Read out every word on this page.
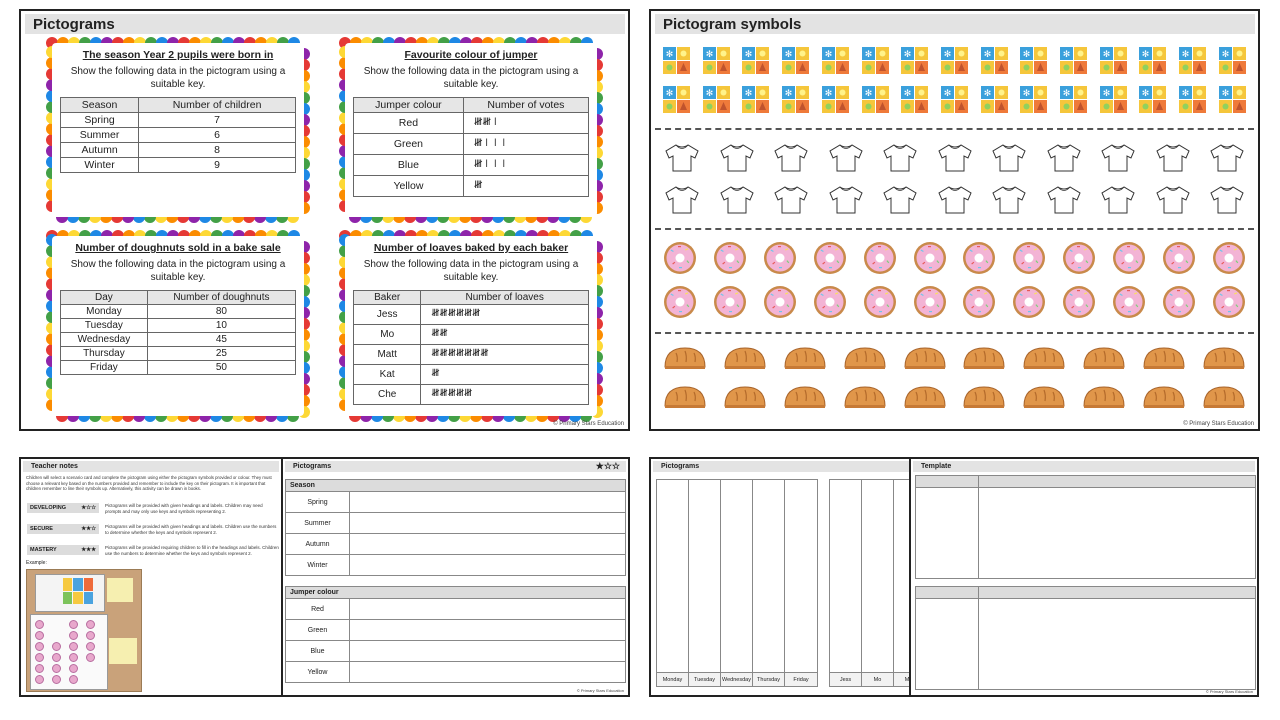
Pictograms
The season Year 2 pupils were born in
Show the following data in the pictogram using a suitable key.
Season	Number of children
Spring	7
Summer	6
Autumn	8
Winter	9
Favourite colour of jumper
Show the following data in the pictogram using a suitable key.
Jumper colour	Number of votes
Red	𝍸𝍸𝍷
Green	𝍸𝍷𝍷𝍷
Blue	𝍸𝍷𝍷𝍷
Yellow	𝍸
Number of doughnuts sold in a bake sale
Show the following data in the pictogram using a suitable key.
Day	Number of doughnuts
Monday	80
Tuesday	10
Wednesday	45
Thursday	25
Friday	50
Number of loaves baked by each baker
Show the following data in the pictogram using a suitable key.
Baker	Number of loaves
Jess	𝍸𝍸𝍸𝍸𝍸𝍸
Mo	𝍸𝍸
Matt	𝍸𝍸𝍸𝍸𝍸𝍸𝍸
Kat	𝍸
Che	𝍸𝍸𝍸𝍸𝍸
© Primary Stars Education
Pictogram symbols
✻	✻	✻	✻	✻	✻	✻	✻	✻	✻	✻	✻	✻	✻	✻
✻	✻	✻	✻	✻	✻	✻	✻	✻	✻	✻	✻	✻	✻	✻
© Primary Stars Education
Teacher notes
Children will select a scenario card and complete the pictogram using either the pictogram symbols provided or colour. They must choose a relevant key based on the numbers provided and remember to include the key on their pictogram. It is important that children remember to line their symbols up. Alternatively, this activity can be drawn in books.
DEVELOPING	★☆☆ Pictograms will be provided with given headings and labels. Children may need prompts and may only use keys and symbols representing 2.
SECURE	★★☆ Pictograms will be provided with given headings and labels. Children use the numbers to determine whether the keys and symbols represent 2.
MASTERY	★★★ Pictograms will be provided requiring children to fill in the headings and labels. Children use the numbers to determine whether the keys and symbols represent 2.
Example:
Pictograms	★☆☆
Season	
Spring	
Summer	
Autumn	
Winter	
Jumper colour	
Red	
Green	
Blue	
Yellow	
© Primary Stars Education
Pictograms
Monday	Tuesday	Wednesday	Thursday	Friday	Jess	Mo	M
Template
© Primary Stars Education
